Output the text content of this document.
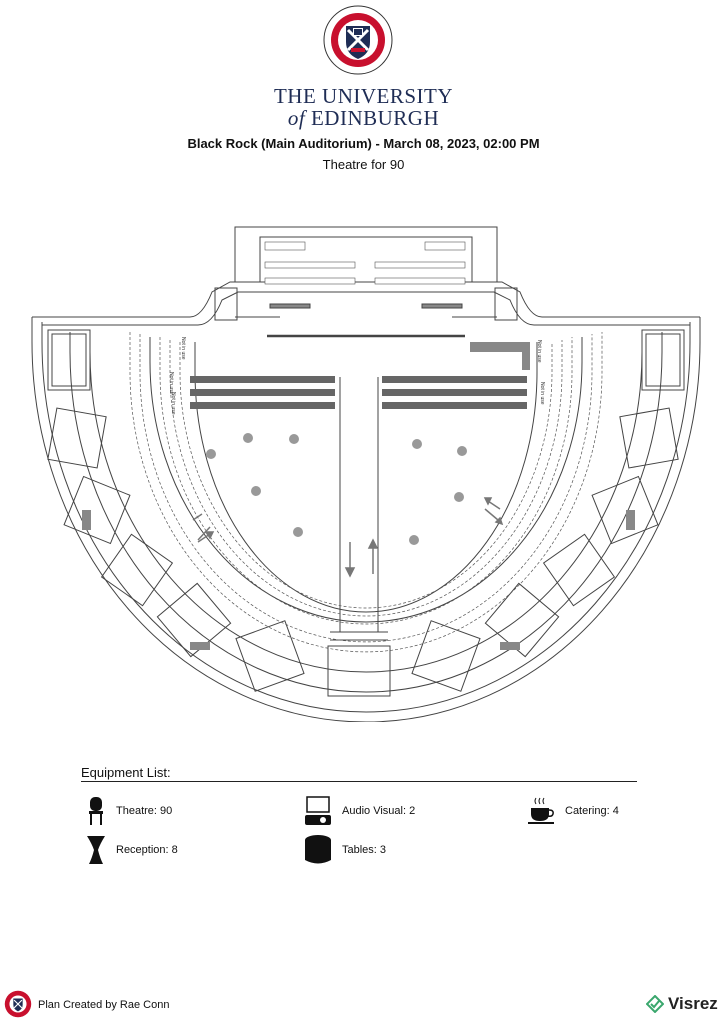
THE UNIVERSITY
of EDINBURGH
Black Rock (Main Auditorium) - March 08, 2023, 02:00 PM
Theatre for 90
Not in use
Not in use
Not in use
Not in use
Not in use
Equipment List:
Theatre: 90	Audio Visual: 2	Catering: 4
Reception: 8	Tables: 3
Plan Created by Rae Conn	Visrez
